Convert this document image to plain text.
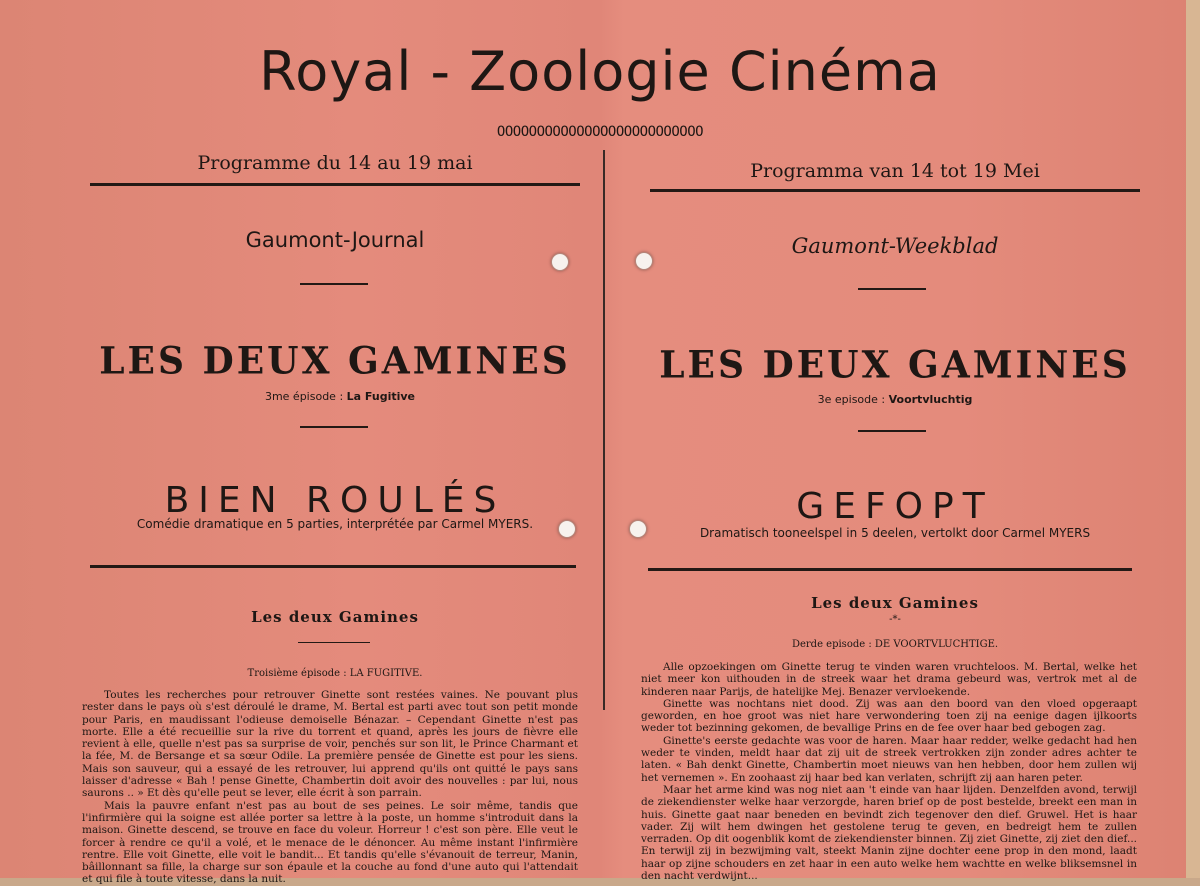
Royal - Zoologie Cinéma
OOOOOOOOOOOOOOOOOOOOOOOOOO
Programme du 14 au 19 mai
Gaumont-Journal
LES DEUX GAMINES
3me épisode : La Fugitive
BIEN ROULÉS
Comédie dramatique en 5 parties, interprétée par Carmel MYERS.
Les deux Gamines
Troisième épisode : LA FUGITIVE.

Toutes les recherches pour retrouver Ginette sont restées vaines. Ne pouvant plus rester dans le pays où s'est déroulé le drame, M. Bertal est parti avec tout son petit monde pour Paris, en maudissant l'odieuse demoiselle Bénazar. – Cependant Ginette n'est pas morte. Elle a été recueillie sur la rive du torrent et quand, après les jours de fièvre elle revient à elle, quelle n'est pas sa surprise de voir, penchés sur son lit, le Prince Charmant et la fée, M. de Bersange et sa sœur Odile. La première pensée de Ginette est pour les siens. Mais son sauveur, qui a essayé de les retrouver, lui apprend qu'ils ont quitté le pays sans laisser d'adresse « Bah ! pense Ginette, Chambertin doit avoir des nouvelles : par lui, nous saurons .. » Et dès qu'elle peut se lever, elle écrit à son parrain.

Mais la pauvre enfant n'est pas au bout de ses peines. Le soir même, tandis que l'infirmière qui la soigne est allée porter sa lettre à la poste, un homme s'introduit dans la maison. Ginette descend, se trouve en face du voleur. Horreur ! c'est son père. Elle veut le forcer à rendre ce qu'il a volé, et le menace de le dénoncer. Au même instant l'infirmière rentre. Elle voit Ginette, elle voit le bandit... Et tandis qu'elle s'évanouit de terreur, Manin, bâillonnant sa fille, la charge sur son épaule et la couche au fond d'une auto qui l'attendait et qui file à toute vitesse, dans la nuit.

Programma van 14 tot 19 Mei
Gaumont-Weekblad
LES DEUX GAMINES
3e episode : Voortvluchtig
GEFOPT
Dramatisch tooneelspel in 5 deelen, vertolkt door Carmel MYERS
Les deux Gamines
-*-
Derde episode : DE VOORTVLUCHTIGE.

Alle opzoekingen om Ginette terug te vinden waren vruchteloos. M. Bertal, welke het niet meer kon uithouden in de streek waar het drama gebeurd was, vertrok met al de kinderen naar Parijs, de hatelijke Mej. Benazer vervloekende.

Ginette was nochtans niet dood. Zij was aan den boord van den vloed opgeraapt geworden, en hoe groot was niet hare verwondering toen zij na eenige dagen ijlkoorts weder tot bezinning gekomen, de bevallige Prins en de fee over haar bed gebogen zag.

Ginette's eerste gedachte was voor de haren. Maar haar redder, welke gedacht had hen weder te vinden, meldt haar dat zij uit de streek vertrokken zijn zonder adres achter te laten. « Bah denkt Ginette, Chambertin moet nieuws van hen hebben, door hem zullen wij het vernemen ». En zoohaast zij haar bed kan verlaten, schrijft zij aan haren peter.

Maar het arme kind was nog niet aan 't einde van haar lijden. Denzelfden avond, terwijl de ziekendienster welke haar verzorgde, haren brief op de post bestelde, breekt een man in huis. Ginette gaat naar beneden en bevindt zich tegenover den dief. Gruwel. Het is haar vader. Zij wilt hem dwingen het gestolene terug te geven, en bedreigt hem te zullen verraden. Op dit oogenblik komt de ziekendienster binnen. Zij ziet Ginette, zij ziet den dief... En terwijl zij in bezwijming valt, steekt Manin zijne dochter eene prop in den mond, laadt haar op zijne schouders en zet haar in een auto welke hem wachtte en welke bliksemsnel in den nacht verdwijnt...
